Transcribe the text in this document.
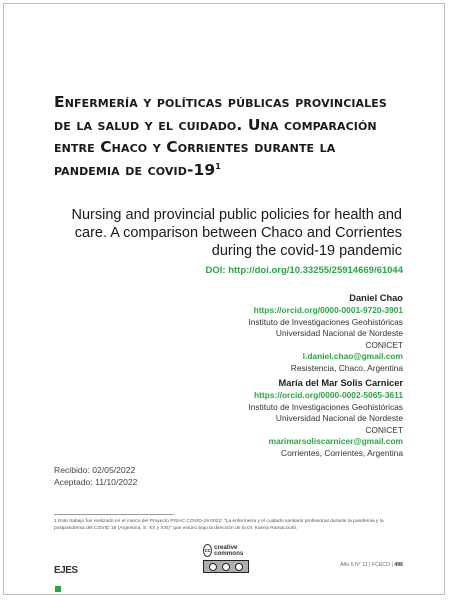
Enfermería y políticas públicas provinciales de la salud y el cuidado. Una comparación entre Chaco y Corrientes durante la pandemia de covid-$19^1$
Nursing and provincial public policies for health and care. A comparison between Chaco and Corrientes during the covid-19 pandemic
DOI: http://doi.org/10.33255/25914669/61044
Daniel Chao
https://orcid.org/0000-0001-9720-3901
Instituto de Investigaciones Geohistóricas
Universidad Nacional de Nordeste
CONICET
l.daniel.chao@gmail.com
Resistencia, Chaco, Argentina
María del Mar Solis Carnicer
https://orcid.org/0000-0002-5065-3611
Instituto de Investigaciones Geohistóricas
Universidad Nacional de Nordeste
CONICET
marimarsoliscarnicer@gmail.com
Corrientes, Corrientes, Argentina
Recibido: 02/05/2022
Aceptado: 11/10/2022
1 Este trabajo fue realizado en el marco del Proyecto PISAC COVID-19 0022: "La enfermería y el cuidado sanitario profesional durante la pandemia y la postpandemia del COVID 19 (Argentina, S. XX y XXI)" que estuvo bajo la dirección de la Dr. Karina Ramacciotti.
EJES
cc creative commons
Año 6 N° 11 | FCECO | 496
